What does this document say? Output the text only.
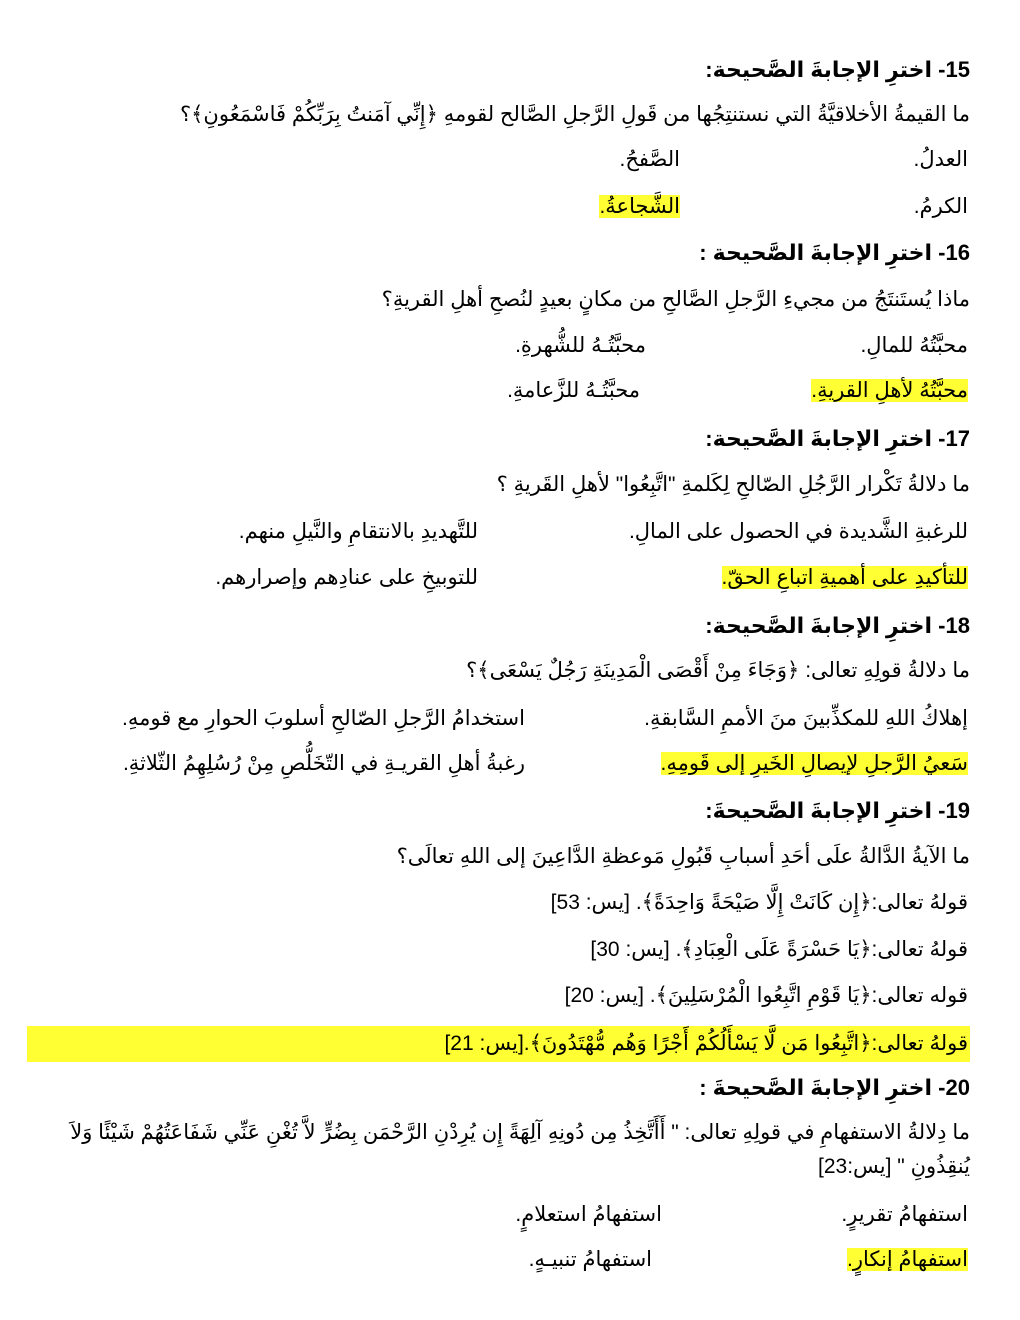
15- اخترِ الإجابةَ الصَّحيحة:
ما القيمةُ الأخلاقيَّةُ التي نستنتِجُها من قَولِ الرَّجلِ الصَّالح لقومهِ ﴿إِنِّي آمَنتُ بِرَبِّكُمْ فَاسْمَعُونِ﴾؟
العدلُ.
الصَّفحُ.
الكرمُ.
الشَّجاعةُ.
16- اخترِ الإجابةَ الصَّحيحة :
ماذا يُستَنتَجُ من مجيءِ الرَّجلِ الصَّالحِ من مكانٍ بعيدٍ لنُصحِ أهلِ القريةِ؟
محبَّتُهُ للمالِ.
محبَّتُـهُ للشُّهرةِ.
محبَّتُهُ لأهلِ القريةِ.
محبَّتُـهُ للزَّعامةِ.
17- اخترِ الإجابةَ الصَّحيحة:
ما دلالةُ تَكْرار الرَّجُلِ الصّالحِ لِكَلمةِ "اتَّبِعُوا" لأهلِ القَريةِ ؟
للرغبةِ الشَّديدة في الحصول على المالِ.
للتَّهديدِ بالانتقامِ والنَّيلِ منهم.
للتأكيدِ على أهميةِ اتباعِ الحقّ.
للتوبيخِ على عنادِهم وإصرارهم.
18- اخترِ الإجابةَ الصَّحيحة:
ما دلالةُ قولِهِ تعالى: ﴿وَجَاءَ مِنْ أَقْصَى الْمَدِينَةِ رَجُلٌ يَسْعَى﴾؟
إهلاكُ اللهِ للمكذِّبينَ منَ الأممِ السَّابقةِ.
استخدامُ الرَّجلِ الصّالحِ أسلوبَ الحوارِ مع قومهِ.
سَعيُ الرَّجلِ لإيصالِ الخَيرِ إلى قَومِهِ.
رغبةُ أهلِ القريـةِ في التّخَلُّصِ مِنْ رُسُلِهِمُ الثّلاثةِ.
19- اخترِ الإجابةَ الصَّحيحةَ:
ما الآيةُ الدَّالةُ علَى أحَدِ أسبابِ قَبُولِ مَوعظةِ الدَّاعِينَ إلى اللهِ تعالَى؟
قولهُ تعالى:﴿إِن كَانَتْ إِلَّا صَيْحَةً وَاحِدَةً﴾. [يس: 53]
قولهُ تعالى:﴿يَا حَسْرَةً عَلَى الْعِبَادِ﴾. [يس: 30]
قوله تعالى:﴿يَا قَوْمِ اتَّبِعُوا الْمُرْسَلِينَ﴾. [يس: 20]
قولهُ تعالى:﴿اتَّبِعُوا مَن لَّا يَسْأَلُكُمْ أَجْرًا وَهُم مُّهْتَدُونَ﴾.[يس: 21]
20- اخترِ الإجابةَ الصَّحيحةَ :
ما دِلالةُ الاستفهامِ في قولِهِ تعالى: " أَأَتَّخِذُ مِن دُونِهِ آلِهَةً إِن يُرِدْنِ الرَّحْمَن بِضُرٍّ لاَّ تُغْنِ عَنِّي شَفَاعَتُهُمْ شَيْئًا وَلاَ
يُنقِذُونِ " [يس:23]
استفهامُ تقريرٍ.
استفهامُ استعلامٍ.
استفهامُ إنكارٍ.
استفهامُ تنبيـهٍ.
